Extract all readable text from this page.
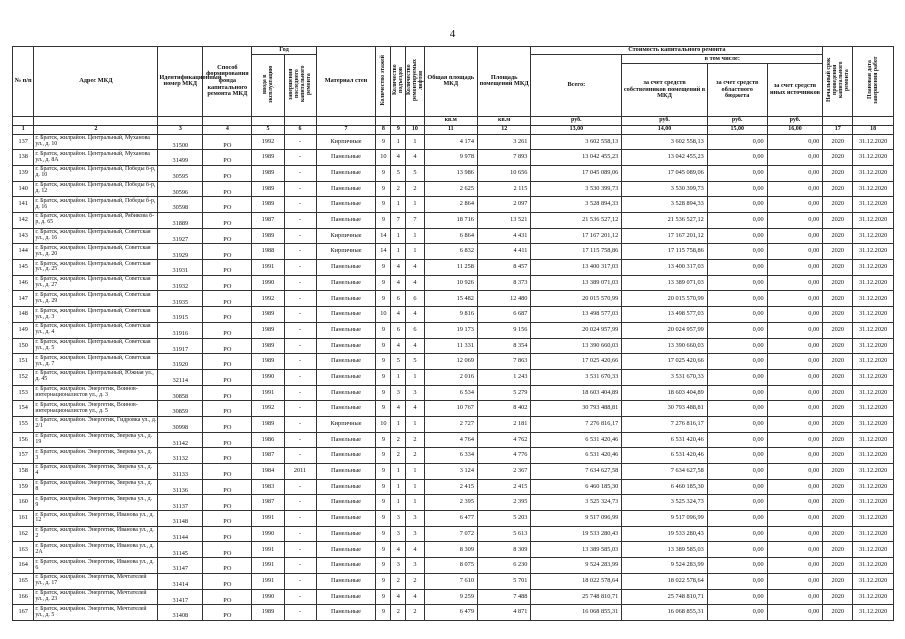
4
№ п/п	Адрес МКД	Идентификационный номер МКД	Способ формирования фонда капитального ремонта МКД	Год		Материал стен	Количество этажей	Количество подъездов	Количество ремонтируемых лифтов	Общая площадь МКД	Площадь помещений МКД	Стоимость капитального ремонта				Начальный срок проведения капитального ремонта	Плановая дата завершения работ
				ввода в эксплуатацию	завершения последнего капитального ремонта							Всего:	в том числе:				
													за счет средств собственников помещений в МКД	за счет средств областного бюджета	за счет средств иных источников		
										кв.м	кв.м	руб.	руб.	руб.	руб.		
1	2	3	4	5	6	7	8	9	10	11	12	13,00	14,00	15,00	16,00	17	18
137	г. Братск, жилрайон. Центральный, Муханова ул., д. 10	31500	РО	1992	-	Кирпичные	9	1	1	4 174	3 261	3 602 558,13	3 602 558,13	0,00	0,00	2020	31.12.2020
138	г. Братск, жилрайон. Центральный, Муханова ул., д. 8А	31499	РО	1989	-	Панельные	10	4	4	9 978	7 893	13 042 455,23	13 042 455,23	0,00	0,00	2020	31.12.2020
139	г. Братск, жилрайон. Центральный, Победы б-р, д. 10	30595	РО	1989	-	Панельные	9	5	5	13 986	10 656	17 045 089,06	17 045 089,06	0,00	0,00	2020	31.12.2020
140	г. Братск, жилрайон. Центральный, Победы б-р, д. 12	30596	РО	1989	-	Панельные	9	2	2	2 625	2 115	3 530 399,73	3 530 399,73	0,00	0,00	2020	31.12.2020
141	г. Братск, жилрайон. Центральный, Победы б-р, д. 16	30598	РО	1989	-	Панельные	9	1	1	2 864	2 097	3 528 894,33	3 528 894,33	0,00	0,00	2020	31.12.2020
142	г. Братск, жилрайон. Центральный, Рябикова б-р, д. 65	31889	РО	1987	-	Панельные	9	7	7	18 716	13 521	21 536 527,12	21 536 527,12	0,00	0,00	2020	31.12.2020
143	г. Братск, жилрайон. Центральный, Советская ул., д. 16	31927	РО	1989	-	Кирпичные	14	1	1	6 864	4 431	17 167 201,12	17 167 201,12	0,00	0,00	2020	31.12.2020
144	г. Братск, жилрайон. Центральный, Советская ул., д. 20	31929	РО	1988	-	Кирпичные	14	1	1	6 832	4 411	17 115 758,86	17 115 758,86	0,00	0,00	2020	31.12.2020
145	г. Братск, жилрайон. Центральный, Советская ул., д. 25	31931	РО	1991	-	Панельные	9	4	4	11 258	8 457	13 400 317,03	13 400 317,03	0,00	0,00	2020	31.12.2020
146	г. Братск, жилрайон. Центральный, Советская ул., д. 27	31932	РО	1990	-	Панельные	9	4	4	10 926	8 373	13 389 071,03	13 389 071,03	0,00	0,00	2020	31.12.2020
147	г. Братск, жилрайон. Центральный, Советская ул., д. 29	31935	РО	1992	-	Панельные	9	6	6	15 482	12 480	20 015 570,99	20 015 570,99	0,00	0,00	2020	31.12.2020
148	г. Братск, жилрайон. Центральный, Советская ул., д. 3	31915	РО	1989	-	Панельные	10	4	4	9 816	6 687	13 498 577,03	13 498 577,03	0,00	0,00	2020	31.12.2020
149	г. Братск, жилрайон. Центральный, Советская ул., д. 4	31916	РО	1989	-	Панельные	9	6	6	19 173	9 156	20 024 957,99	20 024 957,99	0,00	0,00	2020	31.12.2020
150	г. Братск, жилрайон. Центральный, Советская ул., д. 5	31917	РО	1989	-	Панельные	9	4	4	11 331	8 354	13 390 660,03	13 390 660,03	0,00	0,00	2020	31.12.2020
151	г. Братск, жилрайон. Центральный, Советская ул., д. 7	31920	РО	1989	-	Панельные	9	5	5	12 069	7 863	17 025 420,66	17 025 420,66	0,00	0,00	2020	31.12.2020
152	г. Братск, жилрайон. Центральный, Южная ул., д. 45	32114	РО	1990	-	Панельные	9	1	1	2 016	1 243	3 531 670,33	3 531 670,33	0,00	0,00	2020	31.12.2020
153	г. Братск, жилрайон. Энергетик, Воинов-интернационалистов ул., д. 3	30858	РО	1991	-	Панельные	9	3	3	6 534	5 279	18 603 404,89	18 603 404,89	0,00	0,00	2020	31.12.2020
154	г. Братск, жилрайон. Энергетик, Воинов-интернационалистов ул., д. 5	30859	РО	1992	-	Панельные	9	4	4	10 767	8 402	30 793 488,81	30 793 488,81	0,00	0,00	2020	31.12.2020
155	г. Братск, жилрайон. Энергетик, Гидровка ул., д. 2/1	30998	РО	1989	-	Кирпичные	10	1	1	2 727	2 181	7 276 816,17	7 276 816,17	0,00	0,00	2020	31.12.2020
156	г. Братск, жилрайон. Энергетик, Зверева ул., д. 19	31142	РО	1986	-	Панельные	9	2	2	4 764	4 762	6 531 420,46	6 531 420,46	0,00	0,00	2020	31.12.2020
157	г. Братск, жилрайон. Энергетик, Зверева ул., д. 3	31132	РО	1987	-	Панельные	9	2	2	6 334	4 776	6 531 420,46	6 531 420,46	0,00	0,00	2020	31.12.2020
158	г. Братск, жилрайон. Энергетик, Зверева ул., д. 4	31133	РО	1984	2011	Панельные	9	1	1	3 124	2 367	7 634 627,58	7 634 627,58	0,00	0,00	2020	31.12.2020
159	г. Братск, жилрайон. Энергетик, Зверева ул., д. 8	31136	РО	1983	-	Панельные	9	1	1	2 415	2 415	6 460 185,30	6 460 185,30	0,00	0,00	2020	31.12.2020
160	г. Братск, жилрайон. Энергетик, Зверева ул., д. 9	31137	РО	1987	-	Панельные	9	1	1	2 395	2 395	3 525 324,73	3 525 324,73	0,00	0,00	2020	31.12.2020
161	г. Братск, жилрайон. Энергетик, Иванова ул., д. 12	31148	РО	1991	-	Панельные	9	3	3	6 477	5 203	9 517 096,99	9 517 096,99	0,00	0,00	2020	31.12.2020
162	г. Братск, жилрайон. Энергетик, Иванова ул., д. 2	31144	РО	1990	-	Панельные	9	3	3	7 072	5 613	19 533 280,43	19 533 280,43	0,00	0,00	2020	31.12.2020
163	г. Братск, жилрайон. Энергетик, Иванова ул., д. 2А	31145	РО	1991	-	Панельные	9	4	4	8 309	8 309	13 389 585,03	13 389 585,03	0,00	0,00	2020	31.12.2020
164	г. Братск, жилрайон. Энергетик, Иванова ул., д. 6	31147	РО	1991	-	Панельные	9	3	3	8 075	6 230	9 524 283,99	9 524 283,99	0,00	0,00	2020	31.12.2020
165	г. Братск, жилрайон. Энергетик, Мечтателей ул., д. 17	31414	РО	1991	-	Панельные	9	2	2	7 610	5 701	18 022 578,64	18 022 578,64	0,00	0,00	2020	31.12.2020
166	г. Братск, жилрайон. Энергетик, Мечтателей ул., д. 23	31417	РО	1990	-	Панельные	9	4	4	9 259	7 488	25 748 810,71	25 748 810,71	0,00	0,00	2020	31.12.2020
167	г. Братск, жилрайон. Энергетик, Мечтателей ул., д. 5	31408	РО	1989	-	Панельные	9	2	2	6 479	4 871	16 068 855,31	16 068 855,31	0,00	0,00	2020	31.12.2020
